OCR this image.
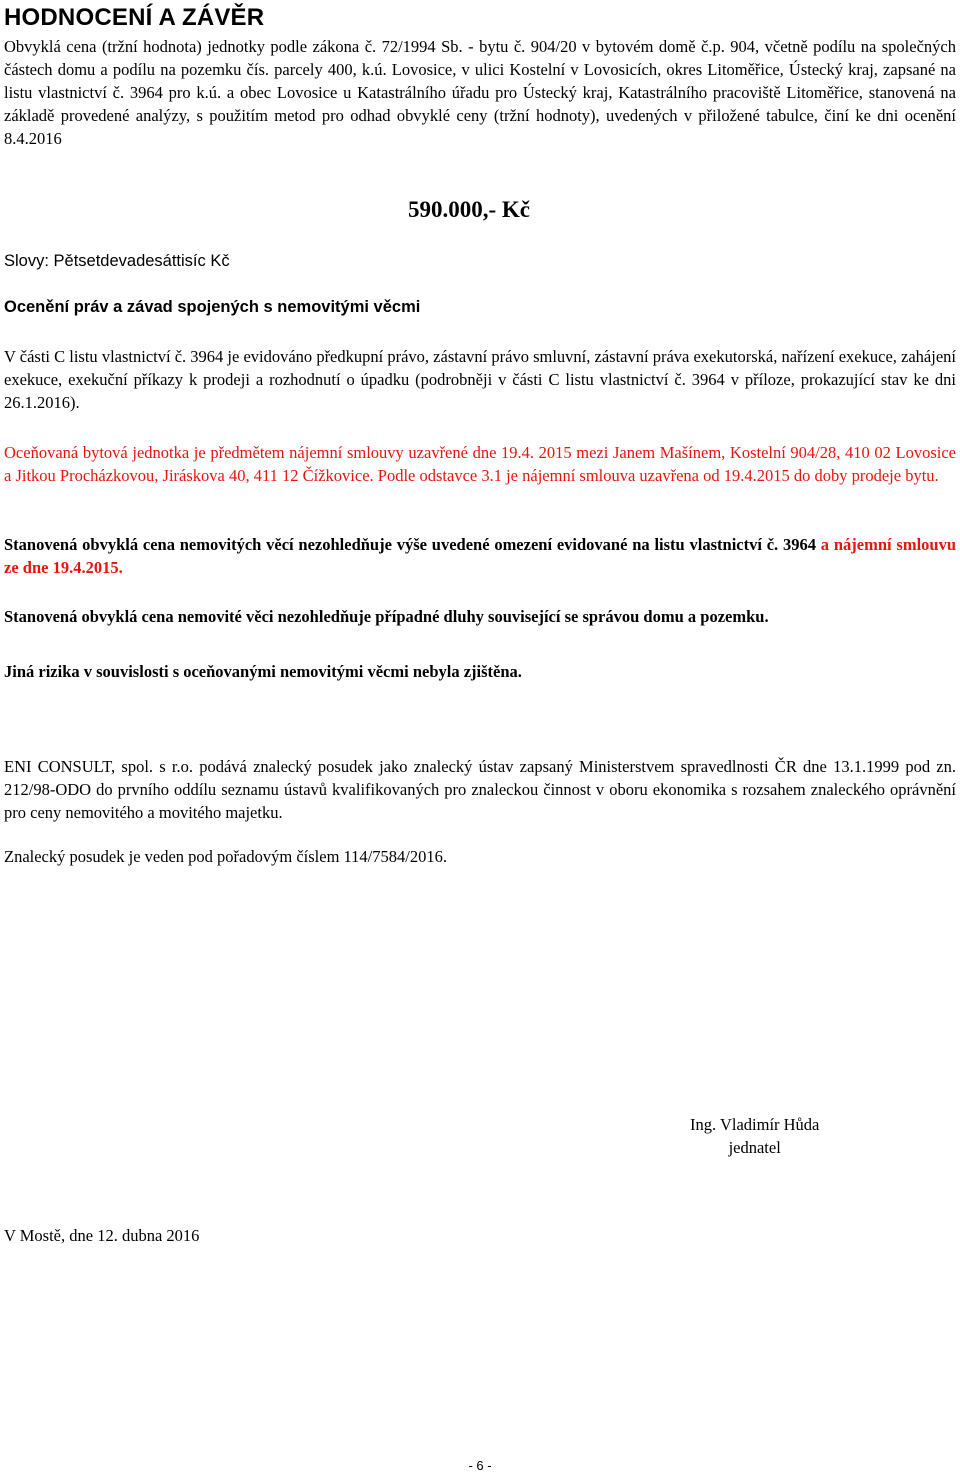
HODNOCENÍ A ZÁVĚR

Obvyklá cena (tržní hodnota) jednotky podle zákona č. 72/1994 Sb. - bytu č. 904/20 v bytovém domě č.p. 904, včetně podílu na společných částech domu a podílu na pozemku čís. parcely 400, k.ú. Lovosice, v ulici Kostelní v Lovosicích, okres Litoměřice, Ústecký kraj, zapsané na listu vlastnictví č. 3964 pro k.ú. a obec Lovosice u Katastrálního úřadu pro Ústecký kraj, Katastrálního pracoviště Litoměřice, stanovená na základě provedené analýzy, s použitím metod pro odhad obvyklé ceny (tržní hodnoty), uvedených v přiložené tabulce, činí ke dni ocenění 8.4.2016

590.000,- Kč

Slovy: Pětsetdevadesáttisíc Kč

Ocenění práv a závad spojených s nemovitými věcmi

V části C listu vlastnictví č. 3964 je evidováno předkupní právo, zástavní právo smluvní, zástavní práva exekutorská, nařízení exekuce, zahájení exekuce, exekuční příkazy k prodeji a rozhodnutí o úpadku (podrobněji v části C listu vlastnictví č. 3964 v příloze, prokazující stav ke dni 26.1.2016).

Oceňovaná bytová jednotka je předmětem nájemní smlouvy uzavřené dne 19.4. 2015 mezi Janem Mašínem, Kostelní 904/28, 410 02 Lovosice a Jitkou Procházkovou, Jiráskova 40, 411 12 Čížkovice. Podle odstavce 3.1 je nájemní smlouva uzavřena od 19.4.2015 do doby prodeje bytu.

Stanovená obvyklá cena nemovitých věcí nezohledňuje výše uvedené omezení evidované na listu vlastnictví č. 3964 a nájemní smlouvu ze dne 19.4.2015.

Stanovená obvyklá cena nemovité věci nezohledňuje případné dluhy související se správou domu a pozemku.

Jiná rizika v souvislosti s oceňovanými nemovitými věcmi nebyla zjištěna.

ENI CONSULT, spol. s r.o. podává znalecký posudek jako znalecký ústav zapsaný Ministerstvem spravedlnosti ČR dne 13.1.1999 pod zn. 212/98-ODO do prvního oddílu seznamu ústavů kvalifikovaných pro znaleckou činnost v oboru ekonomika s rozsahem znaleckého oprávnění pro ceny nemovitého a movitého majetku.

Znalecký posudek je veden pod pořadovým číslem 114/7584/2016.

Ing. Vladimír Hůda
jednatel

V Mostě, dne 12. dubna 2016

- 6 -
